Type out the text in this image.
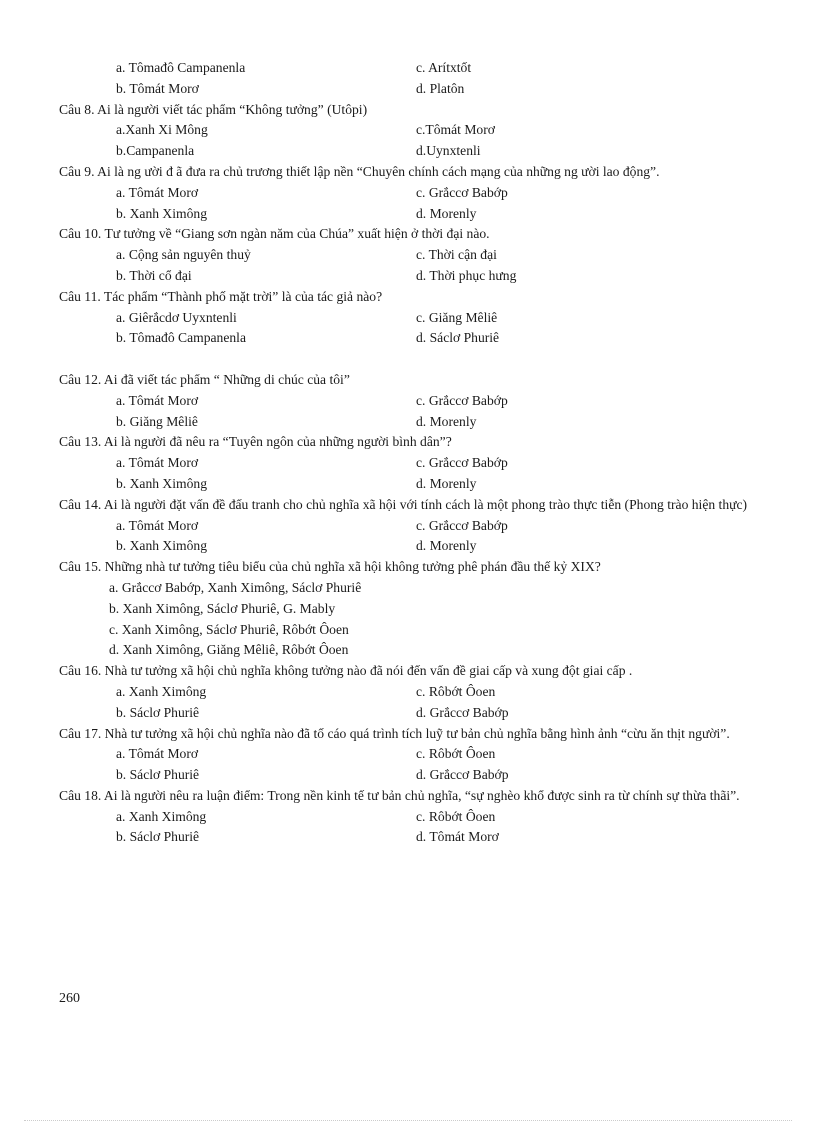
a. Tômađô Campanenla	c. Arítxtốt
b. Tômát Morơ	d. Platôn
Câu 8. Ai là người viết tác phẩm “Không tưởng” (Utôpi)
a.Xanh Xi Mông	c.Tômát Morơ
b.Campanenla	d.Uynxtenli
Câu 9. Ai là ng ười đ ã đưa ra chủ trương thiết lập nền “Chuyên chính cách mạng của những ng ười lao động”.
a. Tômát Morơ	c. Grắccơ Babớp
b. Xanh Ximông	d. Morenly
Câu 10. Tư tưởng về “Giang sơn ngàn năm của Chúa” xuất hiện ở thời đại nào.
a. Cộng sản nguyên thuỷ	c. Thời cận đại
b. Thời cổ đại	d. Thời phục hưng
Câu 11. Tác phẩm “Thành phố mặt trời” là của tác giả nào?
a. Giêrắcdơ Uyxntenli	c. Giăng Mêliê
b. Tômađô Campanenla	d. Sáclơ Phuriê
Câu 12. Ai đã viết tác phẩm “ Những di chúc của tôi”
a. Tômát Morơ	c. Grắccơ Babớp
b. Giăng Mêliê	d. Morenly
Câu 13. Ai là người đã nêu ra “Tuyên ngôn của những người bình dân”?
a. Tômát Morơ	c. Grắccơ Babớp
b. Xanh Ximông	d. Morenly
Câu 14. Ai là người đặt vấn đề đấu tranh cho chủ nghĩa xã hội với tính cách là một phong trào thực tiễn (Phong trào hiện thực)
a. Tômát Morơ	c. Grắccơ Babớp
b. Xanh Ximông	d. Morenly
Câu 15. Những nhà tư tưởng tiêu biểu của chủ nghĩa xã hội không tưởng phê phán đầu thế kỷ XIX?
a. Grắccơ Babớp, Xanh Ximông, Sáclơ Phuriê
b. Xanh Ximông, Sáclơ Phuriê, G. Mably
c. Xanh Ximông, Sáclơ Phuriê, Rôbớt Ôoen
d. Xanh Ximông, Giăng Mêliê, Rôbớt Ôoen
Câu 16. Nhà tư tưởng xã hội chủ nghĩa không tưởng nào đã nói đến vấn đề giai cấp và xung đột giai cấp .
a. Xanh Ximông	c. Rôbớt Ôoen
b. Sáclơ Phuriê	d. Grắccơ Babớp
Câu 17. Nhà tư tưởng xã hội chủ nghĩa nào đã tố cáo quá trình tích luỹ tư bản chủ nghĩa bằng hình ảnh “cừu ăn thịt người”.
a. Tômát Morơ	c. Rôbớt Ôoen
b. Sáclơ Phuriê	d. Grắccơ Babớp
Câu 18. Ai là người nêu ra luận điểm: Trong nền kinh tế tư bản chủ nghĩa, “sự nghèo khổ được sinh ra từ chính sự thừa thãi”.
a. Xanh Ximông	c. Rôbớt Ôoen
b. Sáclơ Phuriê	d. Tômát Morơ
260
